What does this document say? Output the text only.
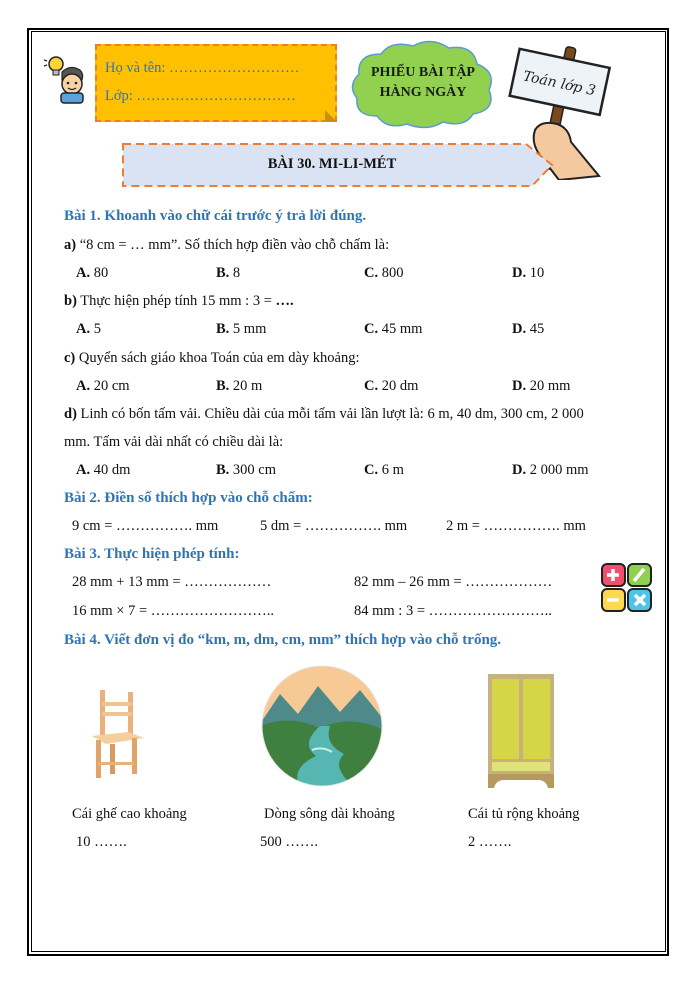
Họ và tên: ………………………
Lớp: ……………………………
PHIẾU BÀI TẬP
HÀNG NGÀY	Toán lớp 3
BÀI 30. MI-LI-MÉT
Bài 1. Khoanh vào chữ cái trước ý trả lời đúng.
a) “8 cm = … mm”. Số thích hợp điền vào chỗ chấm là:
A. 80	B. 8	C. 800	D. 10
b) Thực hiện phép tính 15 mm : 3 = ….
A. 5	B. 5 mm	C. 45 mm	D. 45
c) Quyển sách giáo khoa Toán của em dày khoảng:
A. 20 cm	B. 20 m	C. 20 dm	D. 20 mm
d) Linh có bốn tấm vải. Chiều dài của mỗi tấm vải lần lượt là: 6 m, 40 dm, 300 cm, 2 000
mm. Tấm vải dài nhất có chiều dài là:
A. 40 dm	B. 300 cm	C. 6 m	D. 2 000 mm
Bài 2. Điền số thích hợp vào chỗ chấm:
9 cm = ……………. mm	5 dm = ……………. mm	2 m = ……………. mm
Bài 3. Thực hiện phép tính:
28 mm + 13 mm = ………………	82 mm – 26 mm = ………………
16 mm × 7 = ……………………..	84 mm : 3 = ……………………..
Bài 4. Viết đơn vị đo “km, m, dm, cm, mm” thích hợp vào chỗ trống.
Cái ghế cao khoảng
10 …….
Dòng sông dài khoảng
500 …….
Cái tủ rộng khoảng
2 …….
